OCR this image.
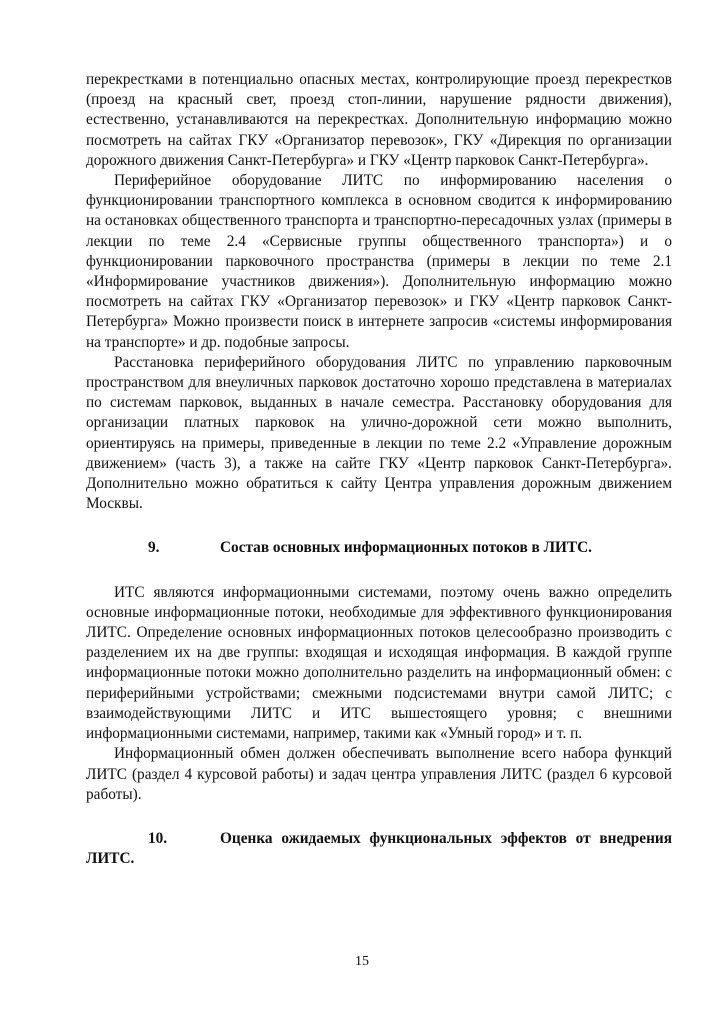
перекрестками в потенциально опасных местах, контролирующие проезд перекрестков (проезд на красный свет, проезд стоп-линии, нарушение рядности движения), естественно, устанавливаются на перекрестках. Дополнительную информацию можно посмотреть на сайтах ГКУ «Организатор перевозок», ГКУ «Дирекция по организации дорожного движения Санкт-Петербурга» и ГКУ «Центр парковок Санкт-Петербурга».

Периферийное оборудование ЛИТС по информированию населения о функционировании транспортного комплекса в основном сводится к информированию на остановках общественного транспорта и транспортно-пересадочных узлах (примеры в лекции по теме 2.4 «Сервисные группы общественного транспорта») и о функционировании парковочного пространства (примеры в лекции по теме 2.1 «Информирование участников движения»). Дополнительную информацию можно посмотреть на сайтах ГКУ «Организатор перевозок» и ГКУ «Центр парковок Санкт-Петербурга» Можно произвести поиск в интернете запросив «системы информирования на транспорте» и др. подобные запросы.

Расстановка периферийного оборудования ЛИТС по управлению парковочным пространством для внеуличных парковок достаточно хорошо представлена в материалах по системам парковок, выданных в начале семестра. Расстановку оборудования для организации платных парковок на улично-дорожной сети можно выполнить, ориентируясь на примеры, приведенные в лекции по теме 2.2 «Управление дорожным движением» (часть 3), а также на сайте ГКУ «Центр парковок Санкт-Петербурга». Дополнительно можно обратиться к сайту Центра управления дорожным движением Москвы.

9.	Состав основных информационных потоков в ЛИТС.

ИТС являются информационными системами, поэтому очень важно определить основные информационные потоки, необходимые для эффективного функционирования ЛИТС. Определение основных информационных потоков целесообразно производить с разделением их на две группы: входящая и исходящая информация. В каждой группе информационные потоки можно дополнительно разделить на информационный обмен: с периферийными устройствами; смежными подсистемами внутри самой ЛИТС; с взаимодействующими ЛИТС и ИТС вышестоящего уровня; с внешними информационными системами, например, такими как «Умный город» и т. п.

Информационный обмен должен обеспечивать выполнение всего набора функций ЛИТС (раздел 4 курсовой работы) и задач центра управления ЛИТС (раздел 6 курсовой работы).

10.	Оценка ожидаемых функциональных эффектов от внедрения ЛИТС.
15
